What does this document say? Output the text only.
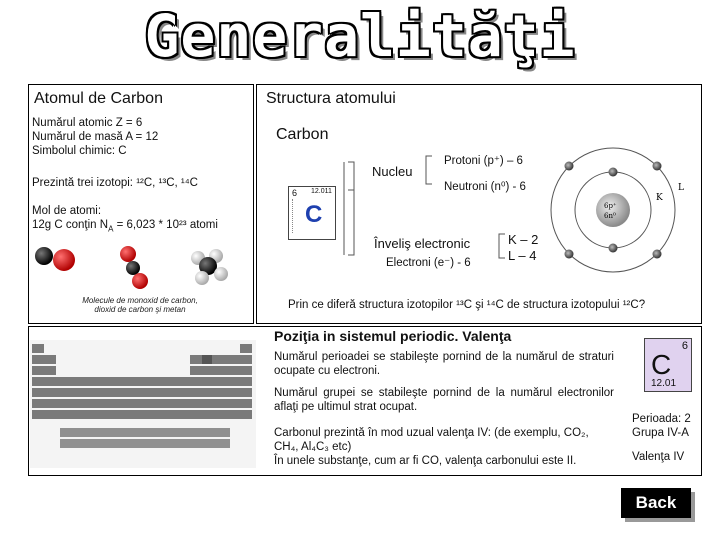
Generalităţi
Atomul de Carbon
Numărul atomic Z = 6
Numărul de masă A = 12
Simbolul chimic: C
Prezintă trei izotopi: ¹²C, ¹³C, ¹⁴C
Mol de atomi:
12g C conţin $N_A = 6,023 * 10^{23}$ atomi
Molecule de monoxid de carbon,
dioxid de carbon şi metan
Structura atomului
Carbon
6 12.011
C
Nucleu
Protoni (p⁺) – 6
Neutroni (n⁰) - 6
Înveliş electronic
Electroni (e⁻) - 6
K – 2
L – 4
6p⁺
6n⁰
K
L
Prin ce diferă structura izotopilor ¹³C şi ¹⁴C de structura izotopului ¹²C?
Poziţia in sistemul periodic. Valenţa
Numărul perioadei se stabileşte pornind de la numărul de straturi ocupate cu electroni.
Numărul grupei se stabileşte pornind de la numărul electronilor aflaţi pe ultimul strat ocupat.
Carbonul prezintă în mod uzual valenţa IV: (de exemplu, CO₂, CH₄, Al₄C₃ etc)
În unele substanţe, cum ar fi CO, valenţa carbonului este II.
6
C
12.01
Perioada: 2
Grupa IV-A
Valenţa IV
Back
